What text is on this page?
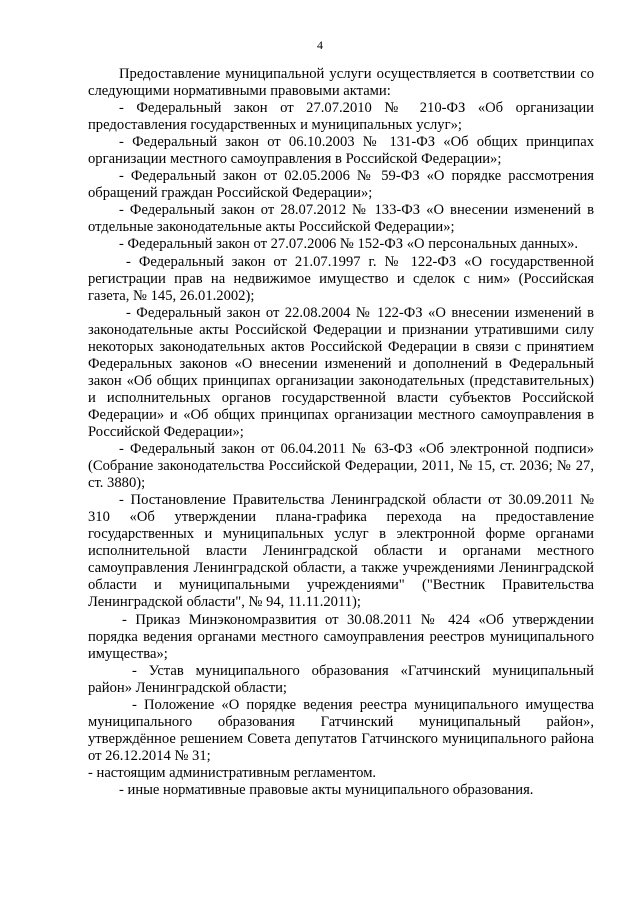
4

Предоставление муниципальной услуги осуществляется в соответствии со следующими нормативными правовыми актами:

- Федеральный закон от 27.07.2010 № 210-ФЗ «Об организации предоставления государственных и муниципальных услуг»;

- Федеральный закон от 06.10.2003 № 131-ФЗ «Об общих принципах организации местного самоуправления в Российской Федерации»;

- Федеральный закон от 02.05.2006 № 59-ФЗ «О порядке рассмотрения обращений граждан Российской Федерации»;

- Федеральный закон от 28.07.2012 № 133-ФЗ «О внесении изменений в отдельные законодательные акты Российской Федерации»;

- Федеральный закон от 27.07.2006 № 152-ФЗ «О персональных данных».

- Федеральный закон от 21.07.1997 г. № 122-ФЗ «О государственной регистрации прав на недвижимое имущество и сделок с ним» (Российская газета, № 145, 26.01.2002);

- Федеральный закон от 22.08.2004 № 122-ФЗ «О внесении изменений в законодательные акты Российской Федерации и признании утратившими силу некоторых законодательных актов Российской Федерации в связи с принятием Федеральных законов «О внесении изменений и дополнений в Федеральный закон «Об общих принципах организации законодательных (представительных) и исполнительных органов государственной власти субъектов Российской Федерации» и «Об общих принципах организации местного самоуправления в Российской Федерации»;

- Федеральный закон от 06.04.2011 № 63-ФЗ «Об электронной подписи» (Собрание законодательства Российской Федерации, 2011, № 15, ст. 2036; № 27, ст. 3880);

- Постановление Правительства Ленинградской области от 30.09.2011 № 310 «Об утверждении плана-графика перехода на предоставление государственных и муниципальных услуг в электронной форме органами исполнительной власти Ленинградской области и органами местного самоуправления Ленинградской области, а также учреждениями Ленинградской области и муниципальными учреждениями" ("Вестник Правительства Ленинградской области", № 94, 11.11.2011);

- Приказ Минэкономразвития от 30.08.2011 № 424 «Об утверждении порядка ведения органами местного самоуправления реестров муниципального имущества»;

- Устав муниципального образования «Гатчинский муниципальный район» Ленинградской области;

- Положение «О порядке ведения реестра муниципального имущества муниципального образования Гатчинский муниципальный район», утверждённое решением Совета депутатов Гатчинского муниципального района от 26.12.2014 № 31;

- настоящим административным регламентом.

- иные нормативные правовые акты муниципального образования.
